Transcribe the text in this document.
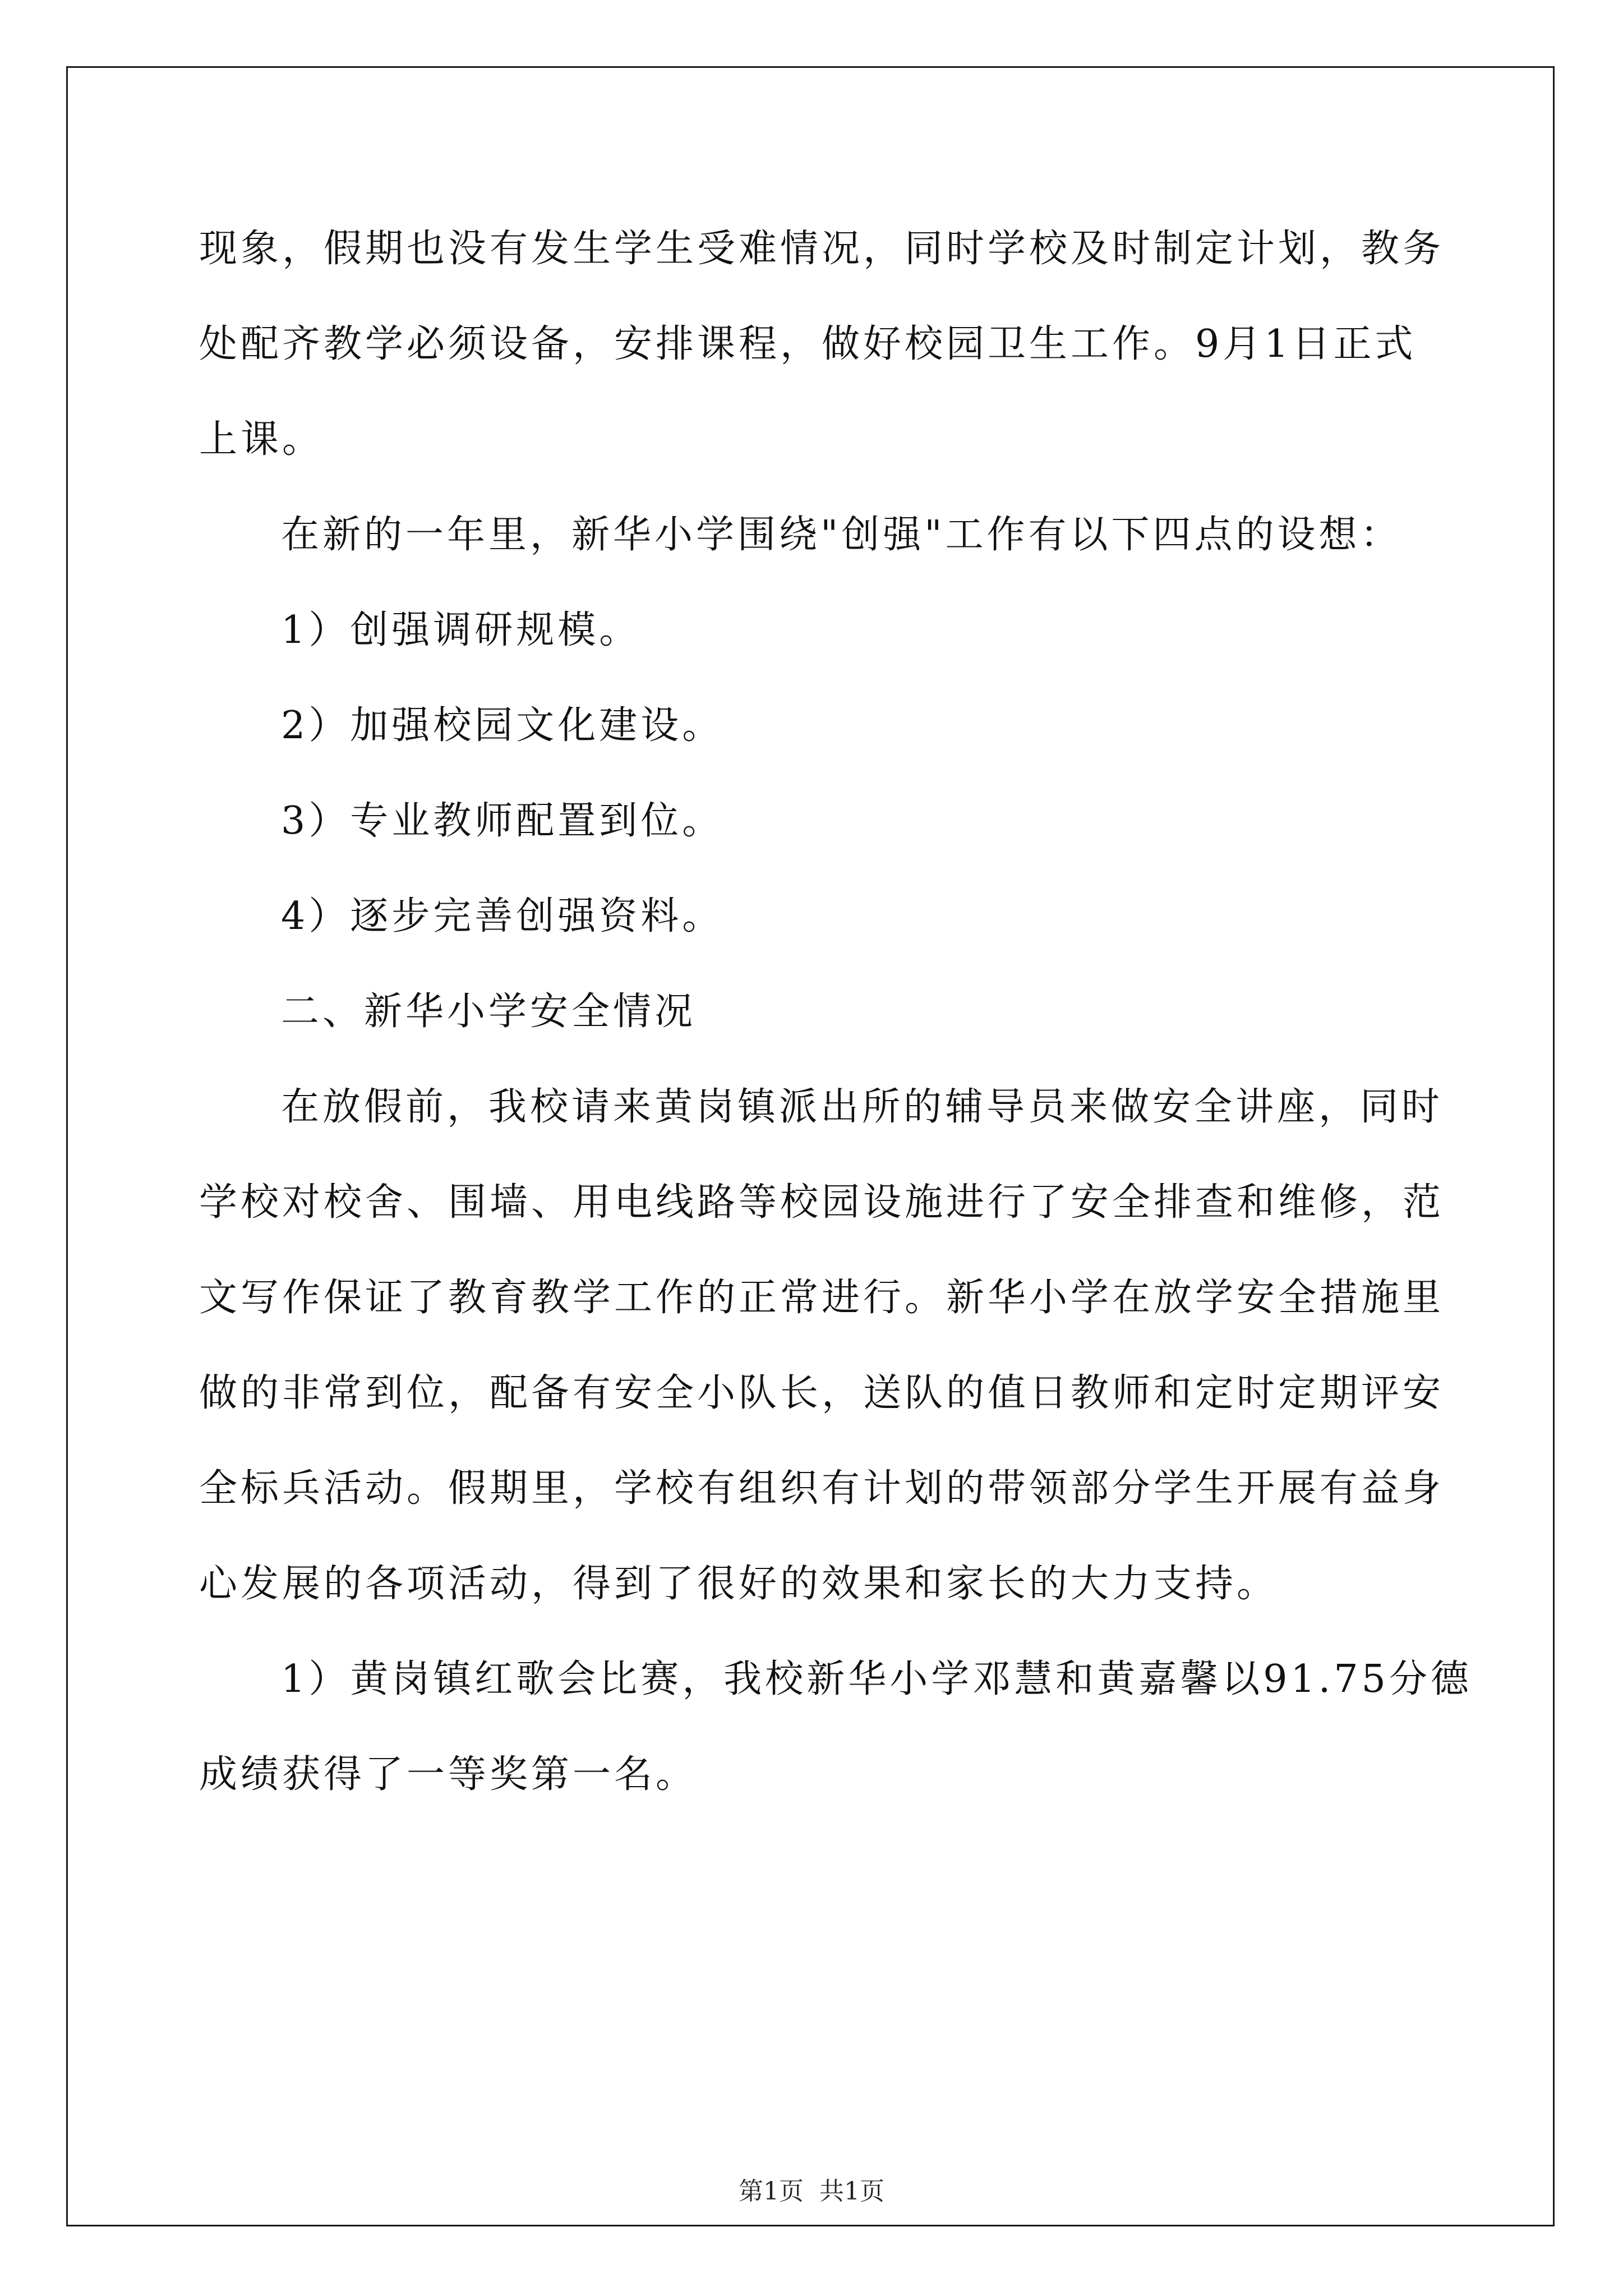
现象，假期也没有发生学生受难情况，同时学校及时制定计划，教务
处配齐教学必须设备，安排课程，做好校园卫生工作。9月1日正式
上课。
在新的一年里，新华小学围绕"创强"工作有以下四点的设想：
1）创强调研规模。
2）加强校园文化建设。
3）专业教师配置到位。
4）逐步完善创强资料。
二、新华小学安全情况
在放假前，我校请来黄岗镇派出所的辅导员来做安全讲座，同时
学校对校舍、围墙、用电线路等校园设施进行了安全排查和维修，范
文写作保证了教育教学工作的正常进行。新华小学在放学安全措施里
做的非常到位，配备有安全小队长，送队的值日教师和定时定期评安
全标兵活动。假期里，学校有组织有计划的带领部分学生开展有益身
心发展的各项活动，得到了很好的效果和家长的大力支持。
1）黄岗镇红歌会比赛，我校新华小学邓慧和黄嘉馨以91.75分德
成绩获得了一等奖第一名。
第1页  共1页
